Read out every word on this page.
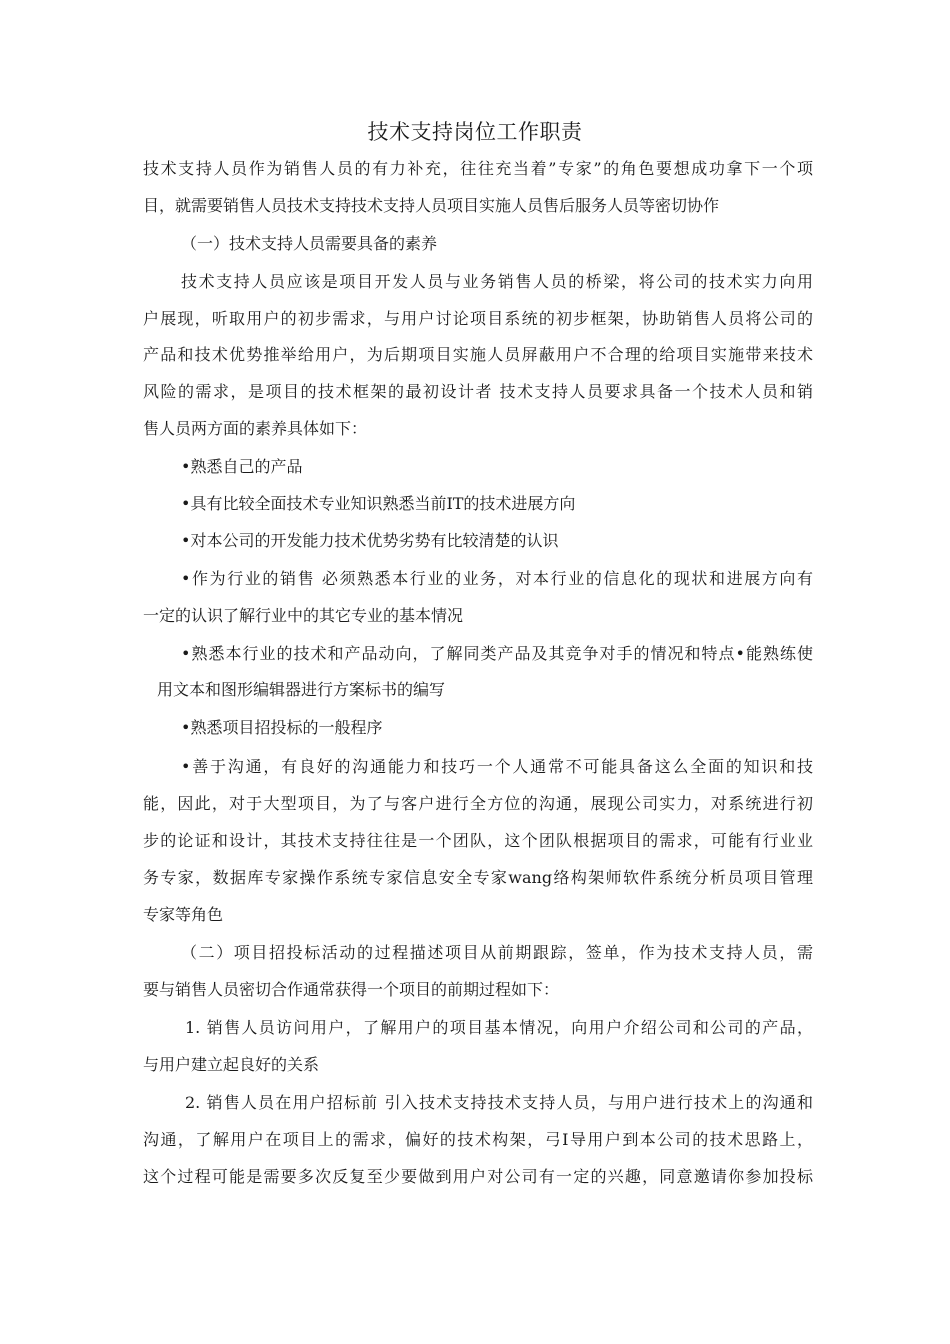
技术支持岗位工作职责
技术支持人员作为销售人员的有力补充，往往充当着”专家”的角色要想成功拿下一个项
目，就需要销售人员技术支持技术支持人员项目实施人员售后服务人员等密切协作
（一）技术支持人员需要具备的素养
技术支持人员应该是项目开发人员与业务销售人员的桥梁，将公司的技术实力向用
户展现，听取用户的初步需求，与用户讨论项目系统的初步框架，协助销售人员将公司的
产品和技术优势推举给用户，为后期项目实施人员屏蔽用户不合理的给项目实施带来技术
风险的需求，是项目的技术框架的最初设计者 技术支持人员要求具备一个技术人员和销
售人员两方面的素养具体如下：
•熟悉自己的产品
•具有比较全面技术专业知识熟悉当前IT的技术进展方向
•对本公司的开发能力技术优势劣势有比较清楚的认识
•作为行业的销售 必须熟悉本行业的业务，对本行业的信息化的现状和进展方向有
一定的认识了解行业中的其它专业的基本情况
•熟悉本行业的技术和产品动向，了解同类产品及其竞争对手的情况和特点•能熟练使
用文本和图形编辑器进行方案标书的编写
•熟悉项目招投标的一般程序
•善于沟通，有良好的沟通能力和技巧一个人通常不可能具备这么全面的知识和技
能，因此，对于大型项目，为了与客户进行全方位的沟通，展现公司实力，对系统进行初
步的论证和设计，其技术支持往往是一个团队，这个团队根据项目的需求，可能有行业业
务专家，数据库专家操作系统专家信息安全专家wang络构架师软件系统分析员项目管理
专家等角色
（二）项目招投标活动的过程描述项目从前期跟踪，签单，作为技术支持人员，需
要与销售人员密切合作通常获得一个项目的前期过程如下：
1. 销售人员访问用户，了解用户的项目基本情况，向用户介绍公司和公司的产品，
与用户建立起良好的关系
2. 销售人员在用户招标前 引入技术支持技术支持人员，与用户进行技术上的沟通和
沟通，了解用户在项目上的需求，偏好的技术构架，弓I导用户到本公司的技术思路上，
这个过程可能是需要多次反复至少要做到用户对公司有一定的兴趣，同意邀请你参加投标
